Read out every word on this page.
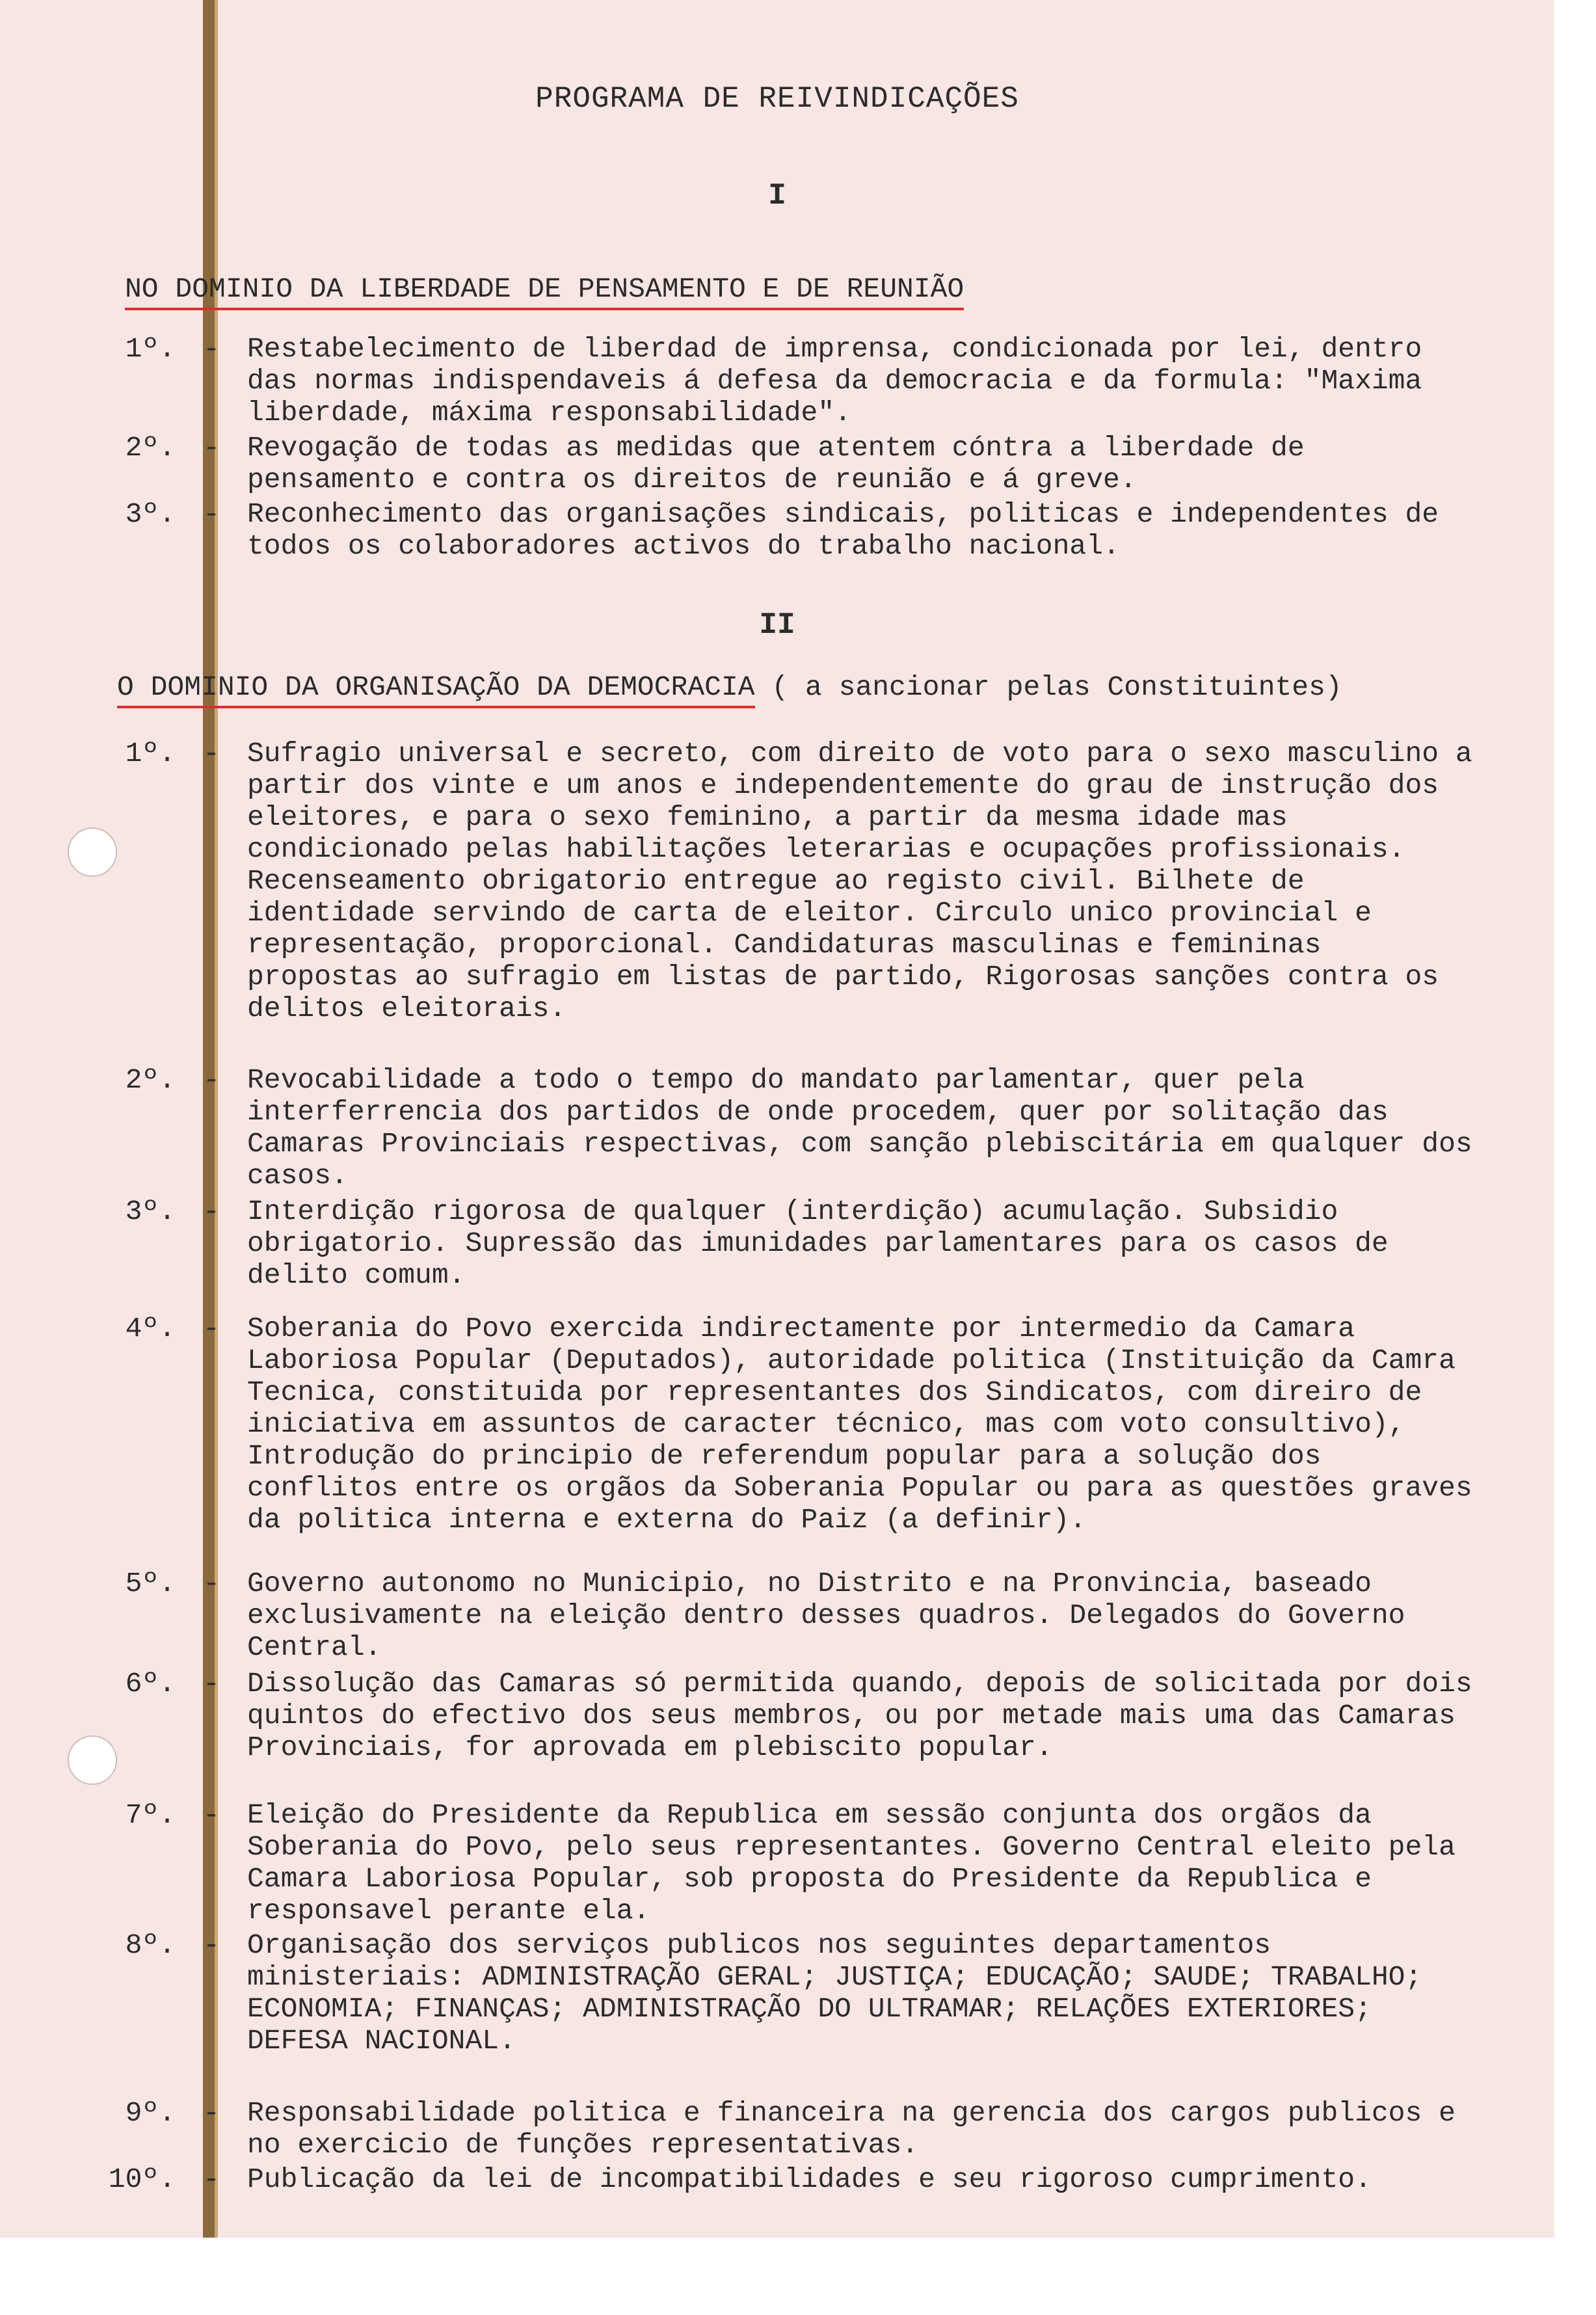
PROGRAMA DE REIVINDICAÇÕES
I
NO DOMINIO DA LIBERDADE DE PENSAMENTO E DE REUNIÃO
1º. - Restabelecimento de liberdad de imprensa, condicionada por lei, dentro das normas indispendaveis á defesa da democracia e da formula: "Maxima liberdade, máxima responsabilidade".
2º. - Revogação de todas as medidas que atentem cóntra a liberdade de pensamento e contra os direitos de reunião e á greve.
3º. - Reconhecimento das organisações sindicais, politicas e independentes de todos os colaboradores activos do trabalho nacional.
II
O DOMINIO DA ORGANISAÇÃO DA DEMOCRACIA ( a sancionar pelas Constituintes)
1º. - Sufragio universal e secreto, com direito de voto para o sexo masculino a partir dos vinte e um anos e independentemente do grau de instrução dos eleitores, e para o sexo feminino, a partir da mesma idade mas condicionado pelas habilitações leterarias e ocupações profissionais. Recenseamento obrigatorio entregue ao registo civil. Bilhete de identidade servindo de carta de eleitor. Circulo unico provincial e representação, proporcional. Candidaturas masculinas e femininas propostas ao sufragio em listas de partido, Rigorosas sanções contra os delitos eleitorais.
2º. - Revocabilidade a todo o tempo do mandato parlamentar, quer pela interferrencia dos partidos de onde procedem, quer por solitação das Camaras Provinciais respectivas, com sanção plebiscitária em qualquer dos casos.
3º. - Interdição rigorosa de qualquer (interdição) acumulação. Subsidio obrigatorio. Supressão das imunidades parlamentares para os casos de delito comum.
4º. - Soberania do Povo exercida indirectamente por intermedio da Camara Laboriosa Popular (Deputados), autoridade politica (Instituição da Camra Tecnica, constituida por representantes dos Sindicatos, com direiro de iniciativa em assuntos de caracter técnico, mas com voto consultivo), Introdução do principio de referendum popular para a solução dos conflitos entre os orgãos da Soberania Popular ou para as questões graves da politica interna e externa do Paiz (a definir).
5º. - Governo autonomo no Municipio, no Distrito e na Pronvincia, baseado exclusivamente na eleição dentro desses quadros. Delegados do Governo Central.
6º. - Dissolução das Camaras só permitida quando, depois de solicitada por dois quintos do efectivo dos seus membros, ou por metade mais uma das Camaras Provinciais, for aprovada em plebiscito popular.
7º. - Eleição do Presidente da Republica em sessão conjunta dos orgãos da Soberania do Povo, pelo seus representantes. Governo Central eleito pela Camara Laboriosa Popular, sob proposta do Presidente da Republica e responsavel perante ela.
8º. - Organisação dos serviços publicos nos seguintes departamentos ministeriais: ADMINISTRAÇÃO GERAL; JUSTIÇA; EDUCAÇÃO; SAUDE; TRABALHO; ECONOMIA; FINANÇAS; ADMINISTRAÇÃO DO ULTRAMAR; RELAÇÕES EXTERIORES; DEFESA NACIONAL.
9º. - Responsabilidade politica e financeira na gerencia dos cargos publicos e no exercicio de funções representativas.
10º. - Publicação da lei de incompatibilidades e seu rigoroso cumprimento.
